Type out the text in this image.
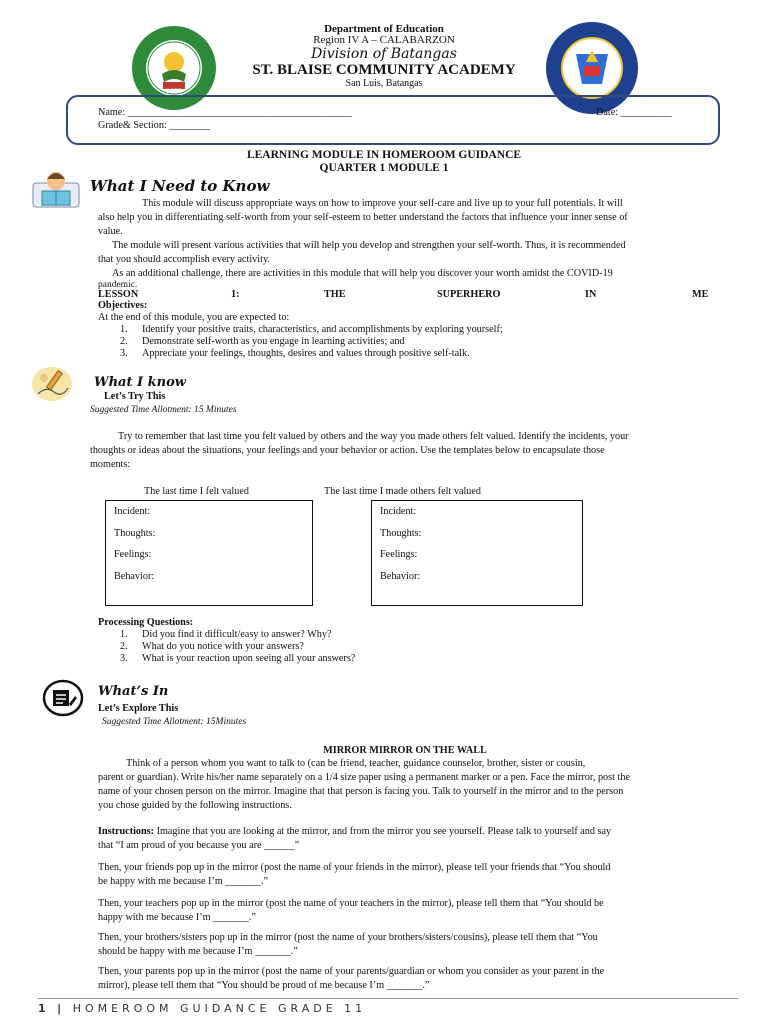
1953
Department of Education
Region IV A – CALABARZON
Division of Batangas
ST. BLAISE COMMUNITY ACADEMY
San Luis, Batangas
Name: ____________________________________________	Date: __________
Grade& Section: ________
LEARNING MODULE IN HOMEROOM GUIDANCE
QUARTER 1 MODULE 1
What I Need to Know
This module will discuss appropriate ways on how to improve your self-care and live up to your full potentials. It will
also help you in differentiating self-worth from your self-esteem to better understand the factors that influence your inner sense of
value.
The module will present various activities that will help you develop and strengthen your self-worth. Thus, it is recommended
that you should accomplish every activity.
As an additional challenge, there are activities in this module that will help you discover your worth amidst the COVID-19
pandemic.
LESSON	1:	THE	SUPERHERO	IN	ME
Objectives:
At the end of this module, you are expected to:
1. Identify your positive traits, characteristics, and accomplishments by exploring yourself;
2. Demonstrate self-worth as you engage in learning activities; and
3. Appreciate your feelings, thoughts, desires and values through positive self-talk.
What I know
Let’s Try This
Suggested Time Allotment: 15 Minutes
Try to remember that last time you felt valued by others and the way you made others felt valued. Identify the incidents, your
thoughts or ideas about the situations, your feelings and your behavior or action. Use the templates below to encapsulate those
moments:
The last time I felt valued	The last time I made others felt valued
Incident:
Thoughts:
Feelings:
Behavior:
Incident:
Thoughts:
Feelings:
Behavior:
Processing Questions:
1. Did you find it difficult/easy to answer? Why?
2. What do you notice with your answers?
3. What is your reaction upon seeing all your answers?
What’s In
Let’s Explore This
Suggested Time Allotment: 15Minutes
MIRROR MIRROR ON THE WALL
Think of a person whom you want to talk to (can be friend, teacher, guidance counselor, brother, sister or cousin,
parent or guardian). Write his/her name separately on a 1/4 size paper using a permanent marker or a pen. Face the mirror, post the
name of your chosen person on the mirror. Imagine that that person is facing you. Talk to yourself in the mirror and to the person
you chose guided by the following instructions.
Instructions: Imagine that you are looking at the mirror, and from the mirror you see yourself. Please talk to yourself and say
that “I am proud of you because you are ______”
Then, your friends pop up in the mirror (post the name of your friends in the mirror), please tell your friends that “You should
be happy with me because I’m _______.”
Then, your teachers pop up in the mirror (post the name of your teachers in the mirror), please tell them that “You should be
happy with me because I’m _______.”
Then, your brothers/sisters pop up in the mirror (post the name of your brothers/sisters/cousins), please tell them that “You
should be happy with me because I’m _______.”
Then, your parents pop up in the mirror (post the name of your parents/guardian or whom you consider as your parent in the
mirror), please tell them that “You should be proud of me because I’m _______.”
1 | HOMEROOM GUIDANCE GRADE 11
